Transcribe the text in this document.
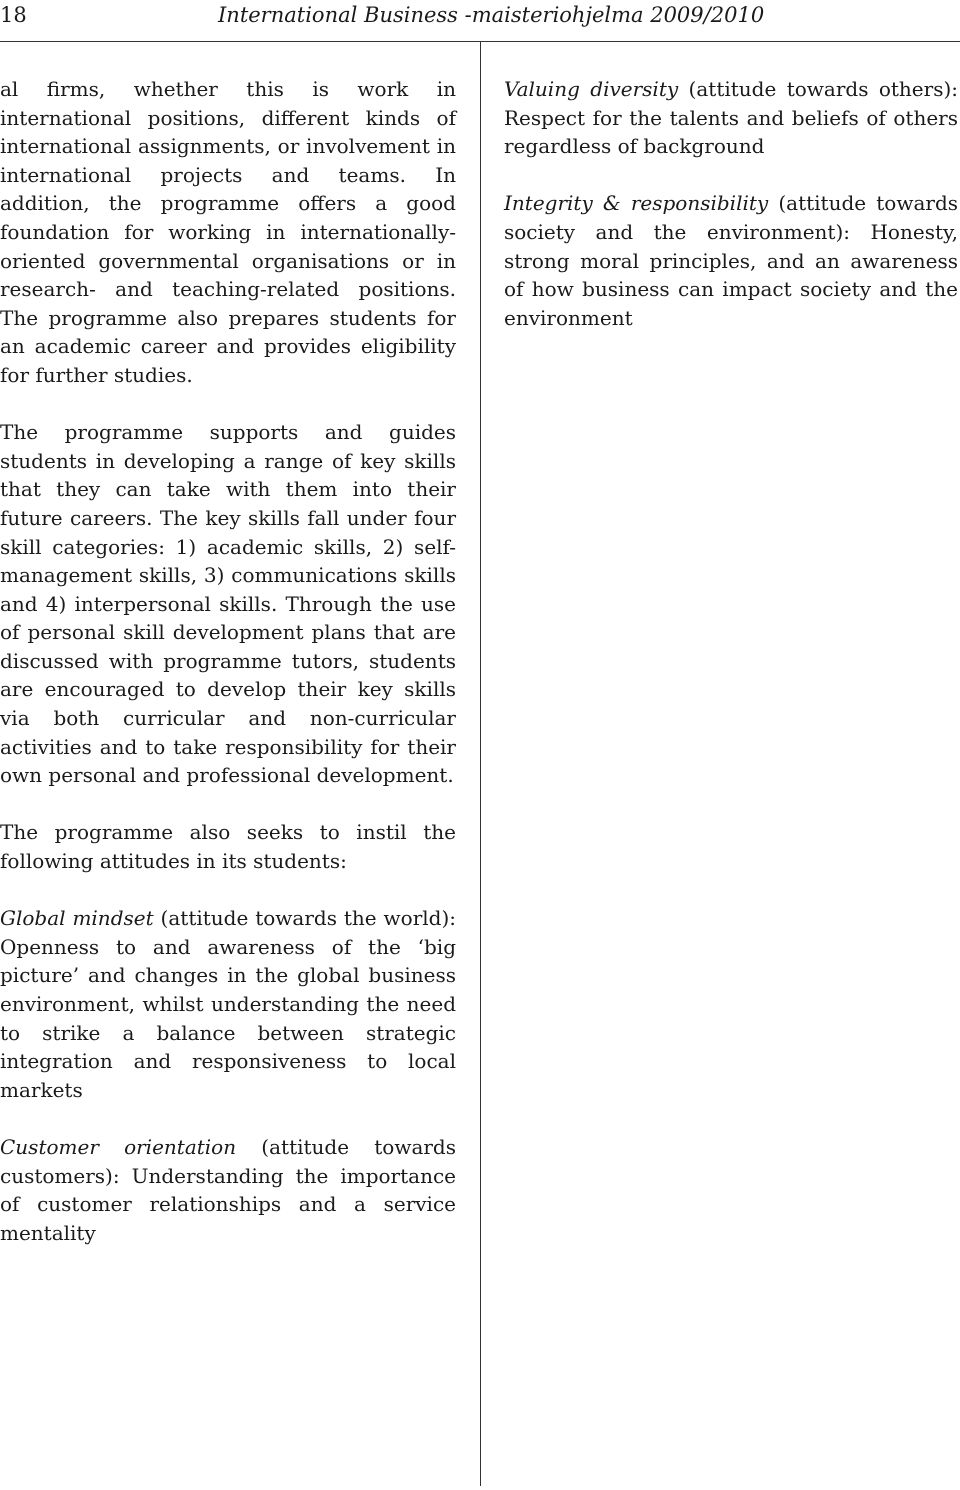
18	International Business -maisteriohjelma 2009/2010

al firms, whether this is work in international positions, different kinds of international assignments, or involvement in international projects and teams. In addition, the programme offers a good foundation for working in internationally-oriented governmental organisations or in research- and teaching-related positions. The programme also prepares students for an academic career and provides eligibility for further studies.

The programme supports and guides students in developing a range of key skills that they can take with them into their future careers. The key skills fall under four skill categories: 1) academic skills, 2) self-management skills, 3) communications skills and 4) interpersonal skills. Through the use of personal skill development plans that are discussed with programme tutors, students are encouraged to develop their key skills via both curricular and non-curricular activities and to take responsibility for their own personal and professional development.

The programme also seeks to instil the following attitudes in its students:

Global mindset (attitude towards the world): Openness to and awareness of the ‘big picture’ and changes in the global business environment, whilst understanding the need to strike a balance between strategic integration and responsiveness to local markets

Customer orientation (attitude towards customers): Understanding the importance of customer relationships and a service mentality

Valuing diversity (attitude towards others): Respect for the talents and beliefs of others regardless of background

Integrity & responsibility (attitude towards society and the environment): Honesty, strong moral principles, and an awareness of how business can impact society and the environment
